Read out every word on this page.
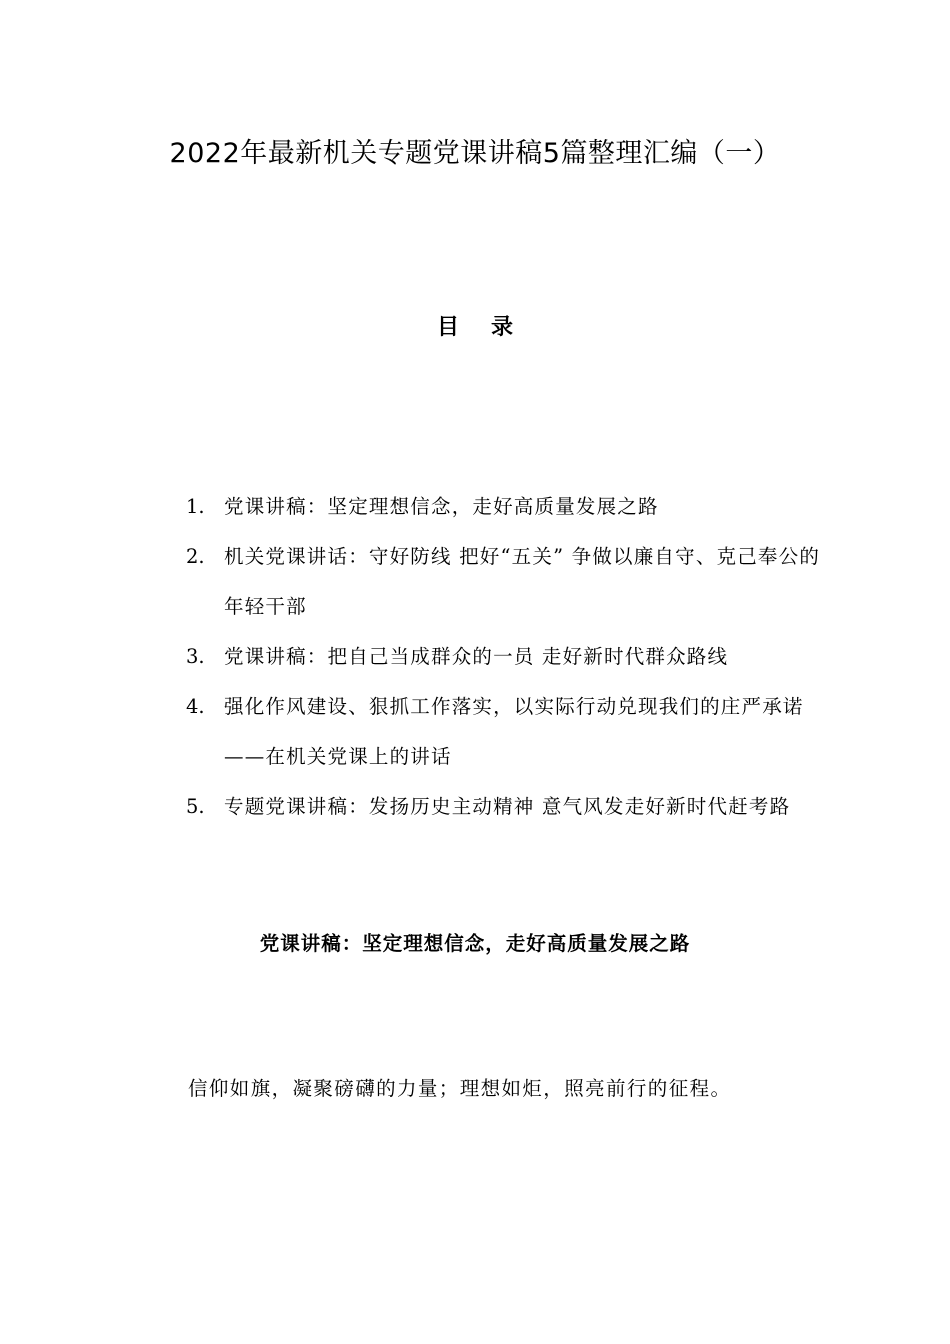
2022年最新机关专题党课讲稿5篇整理汇编（一）
目录
1. 党课讲稿：坚定理想信念，走好高质量发展之路
2. 机关党课讲话：守好防线 把好“五关” 争做以廉自守、克己奉公的年轻干部
3. 党课讲稿：把自己当成群众的一员 走好新时代群众路线
4. 强化作风建设、狠抓工作落实，以实际行动兑现我们的庄严承诺——在机关党课上的讲话
5. 专题党课讲稿：发扬历史主动精神 意气风发走好新时代赶考路
党课讲稿：坚定理想信念，走好高质量发展之路

信仰如旗，凝聚磅礴的力量；理想如炬，照亮前行的征程。
